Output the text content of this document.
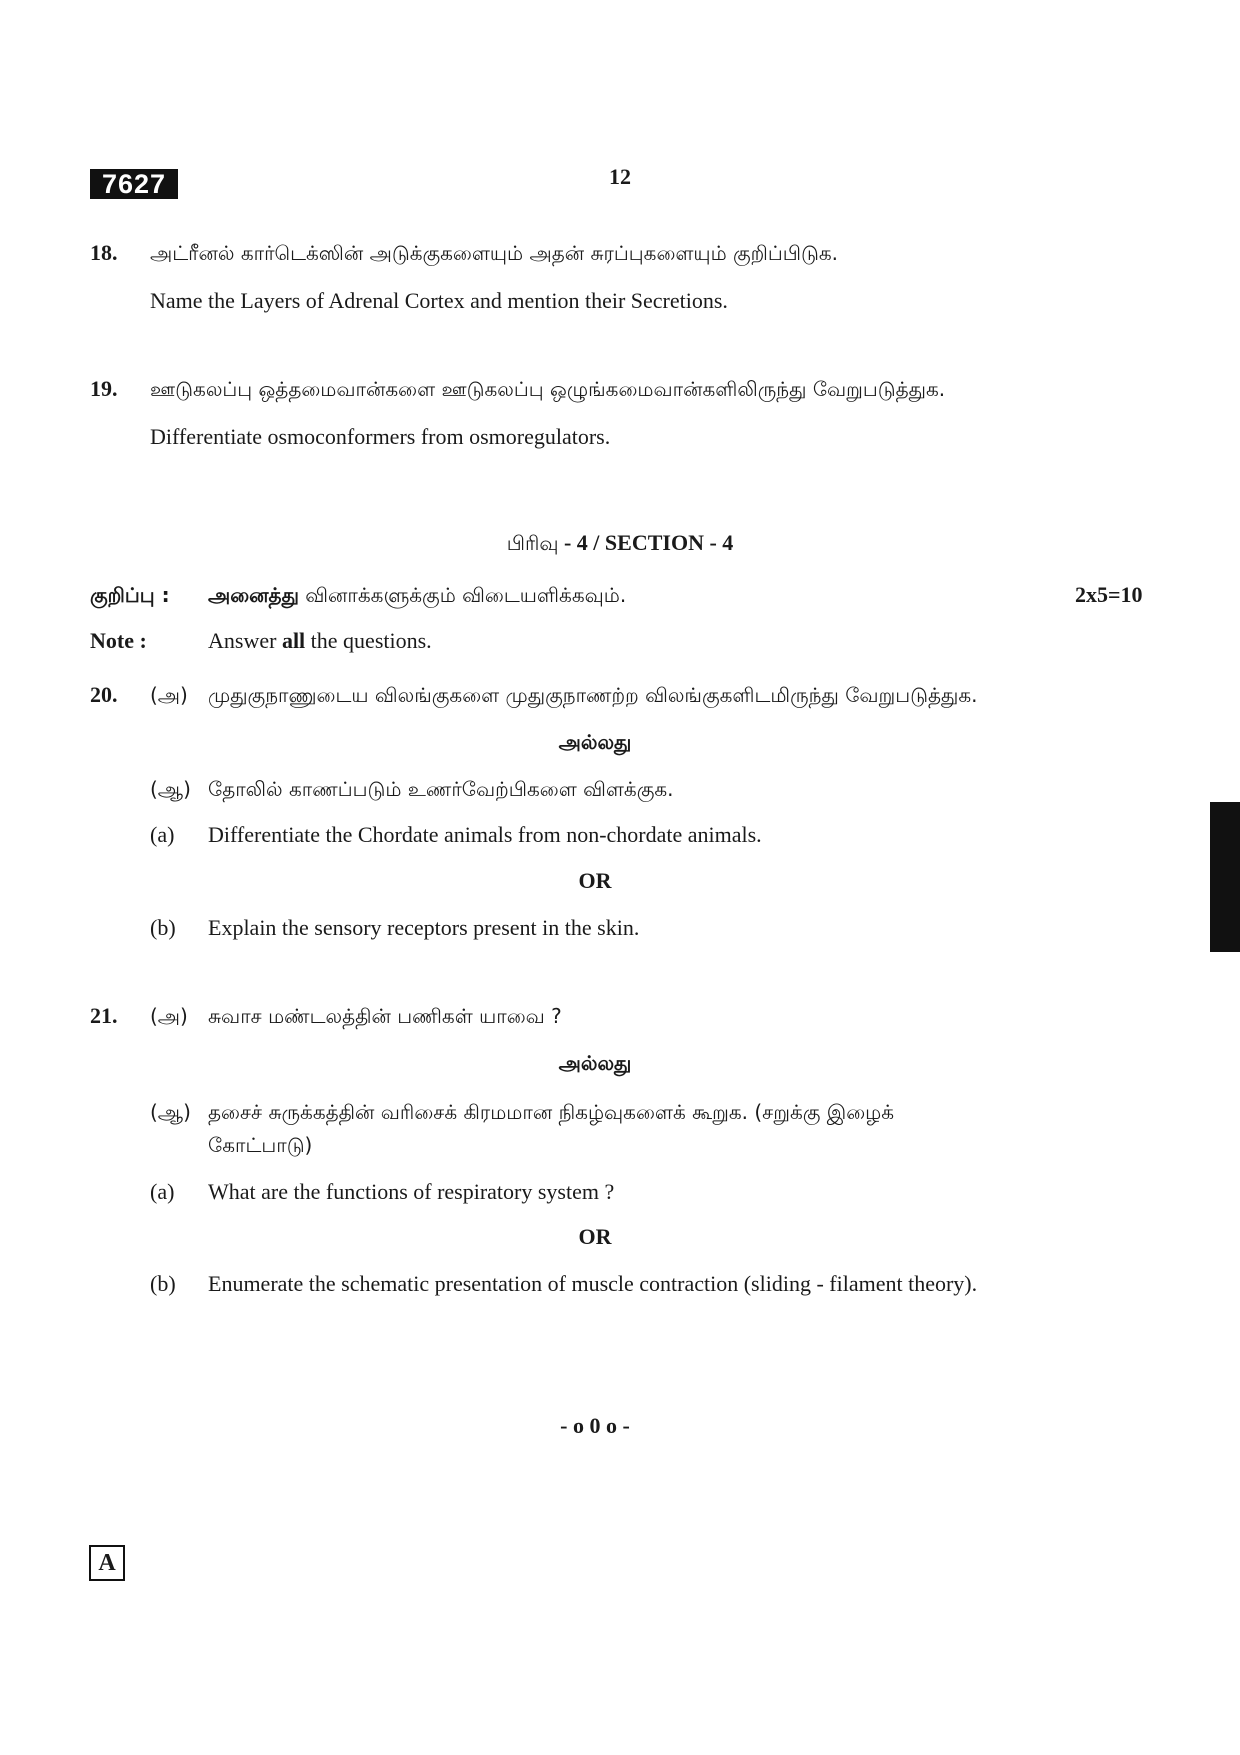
7627	12
18. அட்ரீனல் கார்டெக்ஸின் அடுக்குகளையும் அதன் சுரப்புகளையும் குறிப்பிடுக.
Name the Layers of Adrenal Cortex and mention their Secretions.
19. ஊடுகலப்பு ஒத்தமைவான்களை ஊடுகலப்பு ஒழுங்கமைவான்களிலிருந்து வேறுபடுத்துக.
Differentiate osmoconformers from osmoregulators.
பிரிவு - 4 / SECTION - 4
குறிப்பு : அனைத்து வினாக்களுக்கும் விடையளிக்கவும்.	2x5=10
Note :	Answer all the questions.
20. (அ) முதுகுநாணுடைய விலங்குகளை முதுகுநாணற்ற விலங்குகளிடமிருந்து வேறுபடுத்துக.
அல்லது
(ஆ) தோலில் காணப்படும் உணர்வேற்பிகளை விளக்குக.
(a) Differentiate the Chordate animals from non-chordate animals.
OR
(b) Explain the sensory receptors present in the skin.
21. (அ) சுவாச மண்டலத்தின் பணிகள் யாவை ?
அல்லது
(ஆ) தசைச் சுருக்கத்தின் வரிசைக் கிரமமான நிகழ்வுகளைக் கூறுக. (சறுக்கு இழைக்
கோட்பாடு)
(a) What are the functions of respiratory system ?
OR
(b) Enumerate the schematic presentation of muscle contraction (sliding - filament theory).
- o 0 o -
A
